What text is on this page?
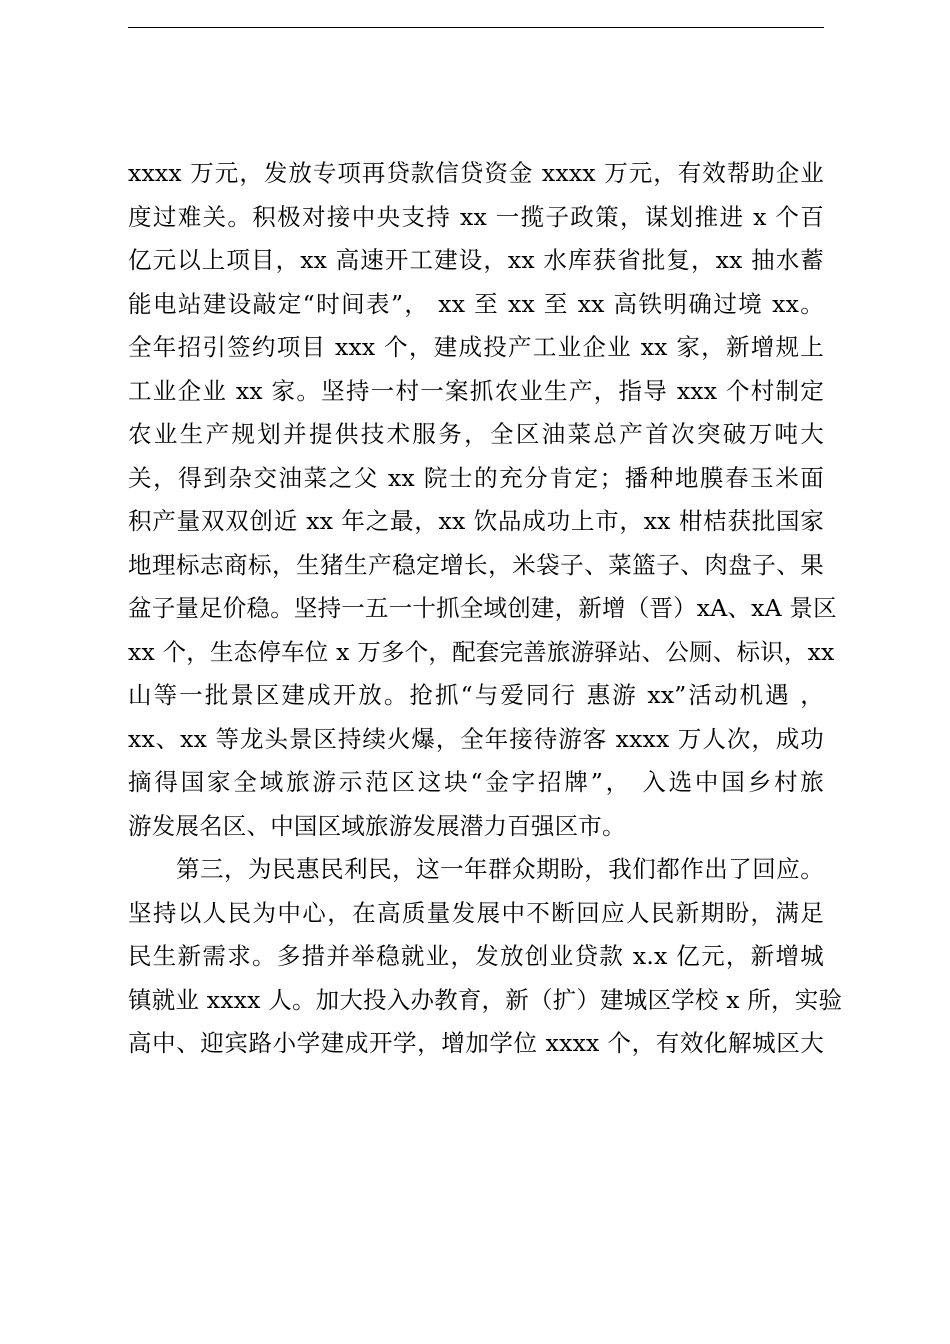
xxxx 万元，发放专项再贷款信贷资金 xxxx 万元，有效帮助企业
度过难关。积极对接中央支持 xx 一揽子政策，谋划推进 x 个百
亿元以上项目，xx 高速开工建设，xx 水库获省批复，xx 抽水蓄
能电站建设敲定“时间表”， xx 至 xx 至 xx 高铁明确过境 xx。
全年招引签约项目 xxx 个，建成投产工业企业 xx 家，新增规上
工业企业 xx 家。坚持一村一案抓农业生产，指导 xxx 个村制定
农业生产规划并提供技术服务，全区油菜总产首次突破万吨大
关，得到杂交油菜之父 xx 院士的充分肯定；播种地膜春玉米面
积产量双双创近 xx 年之最，xx 饮品成功上市，xx 柑桔获批国家
地理标志商标，生猪生产稳定增长，米袋子、菜篮子、肉盘子、果
盆子量足价稳。坚持一五一十抓全域创建，新增（晋）xA、xA 景区
xx 个，生态停车位 x 万多个，配套完善旅游驿站、公厕、标识，xx
山等一批景区建成开放。抢抓“与爱同行 惠游 xx”活动机遇 ，
xx、xx 等龙头景区持续火爆，全年接待游客 xxxx 万人次，成功
摘得国家全域旅游示范区这块“金字招牌”， 入选中国乡村旅
游发展名区、中国区域旅游发展潜力百强区市。
第三，为民惠民利民，这一年群众期盼，我们都作出了回应。
坚持以人民为中心，在高质量发展中不断回应人民新期盼，满足
民生新需求。多措并举稳就业，发放创业贷款 x.x 亿元，新增城
镇就业 xxxx 人。加大投入办教育，新（扩）建城区学校 x 所，实验
高中、迎宾路小学建成开学，增加学位 xxxx 个，有效化解城区大
